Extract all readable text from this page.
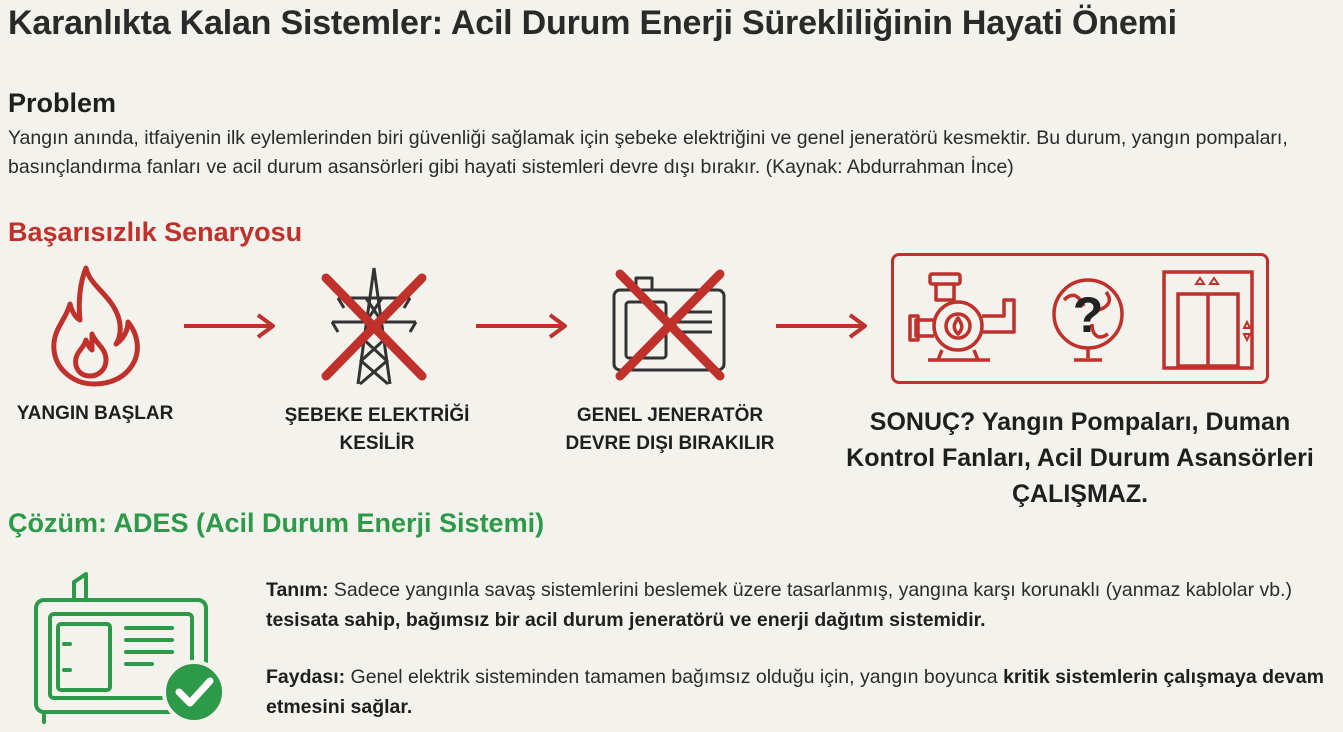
Karanlıkta Kalan Sistemler: Acil Durum Enerji Sürekliliğinin Hayati Önemi
Problem
Yangın anında, itfaiyenin ilk eylemlerinden biri güvenliği sağlamak için şebeke elektriğini ve genel jeneratörü kesmektir. Bu durum, yangın pompaları, basınçlandırma fanları ve acil durum asansörleri gibi hayati sistemleri devre dışı bırakır. (Kaynak: Abdurrahman İnce)
Başarısızlık Senaryosu
YANGIN BAŞLAR	ŞEBEKE ELEKTRİĞİ
KESİLİR
GENEL JENERATÖR
DEVRE DIŞI BIRAKILIR
?
SONUÇ? Yangın Pompaları, Duman Kontrol Fanları, Acil Durum Asansörleri ÇALIŞMAZ.
Çözüm: ADES (Acil Durum Enerji Sistemi)
Tanım: Sadece yangınla savaş sistemlerini beslemek üzere tasarlanmış, yangına karşı korunaklı (yanmaz kablolar vb.) tesisata sahip, bağımsız bir acil durum jeneratörü ve enerji dağıtım sistemidir.
Faydası: Genel elektrik sisteminden tamamen bağımsız olduğu için, yangın boyunca kritik sistemlerin çalışmaya devam etmesini sağlar.
